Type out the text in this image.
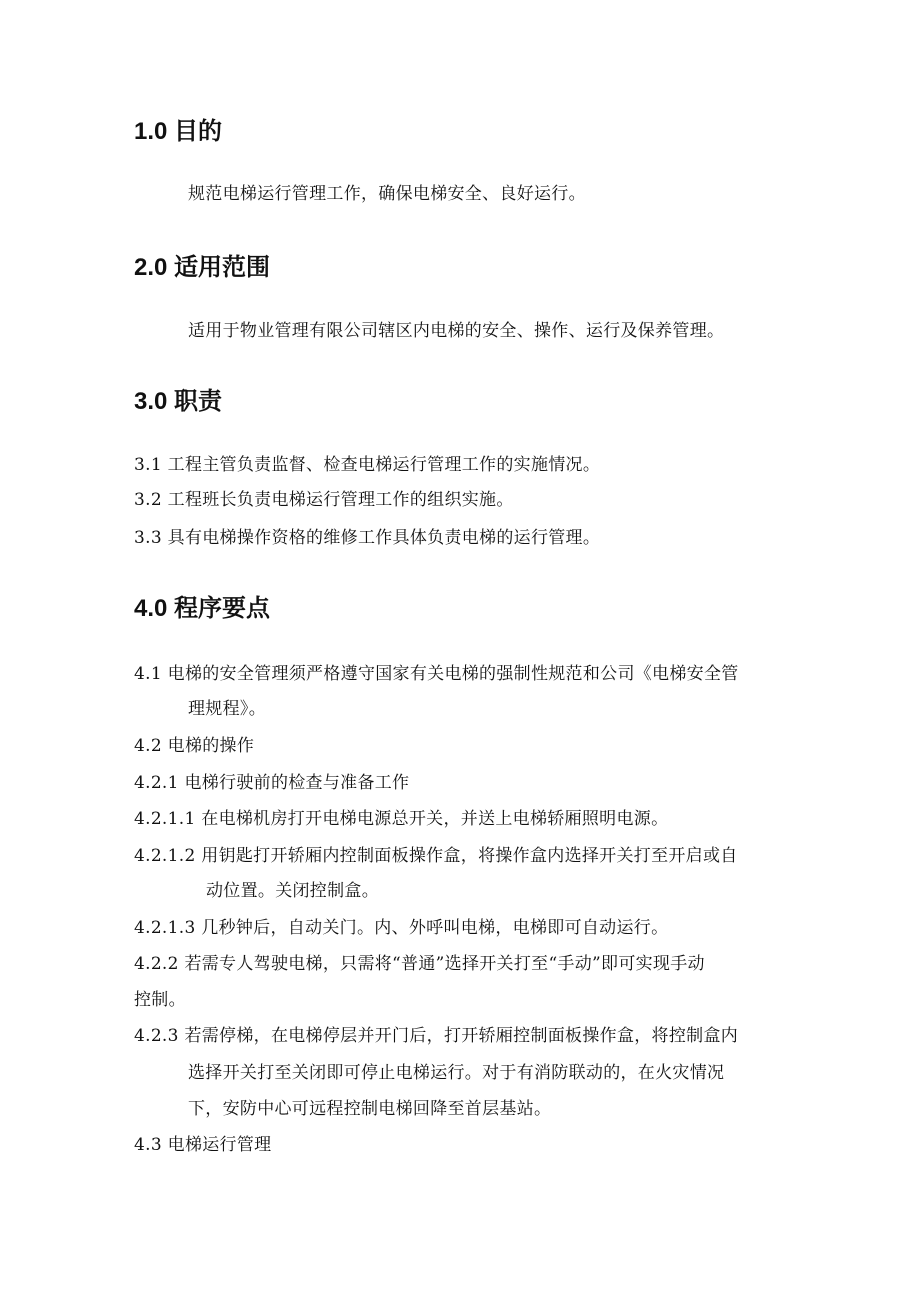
1.0 目的

规范电梯运行管理工作，确保电梯安全、良好运行。

2.0 适用范围

适用于物业管理有限公司辖区内电梯的安全、操作、运行及保养管理。

3.0 职责

3.1 工程主管负责监督、检查电梯运行管理工作的实施情况。

3.2 工程班长负责电梯运行管理工作的组织实施。

3.3 具有电梯操作资格的维修工作具体负责电梯的运行管理。

4.0 程序要点

4.1 电梯的安全管理须严格遵守国家有关电梯的强制性规范和公司《电梯安全管

理规程》。

4.2 电梯的操作

4.2.1 电梯行驶前的检查与准备工作

4.2.1.1 在电梯机房打开电梯电源总开关，并送上电梯轿厢照明电源。

4.2.1.2 用钥匙打开轿厢内控制面板操作盒，将操作盒内选择开关打至开启或自

动位置。关闭控制盒。

4.2.1.3 几秒钟后，自动关门。内、外呼叫电梯，电梯即可自动运行。

4.2.2 若需专人驾驶电梯，只需将“普通”选择开关打至“手动”即可实现手动

控制。

4.2.3 若需停梯，在电梯停层并开门后，打开轿厢控制面板操作盒，将控制盒内

选择开关打至关闭即可停止电梯运行。对于有消防联动的，在火灾情况

下，安防中心可远程控制电梯回降至首层基站。

4.3 电梯运行管理
